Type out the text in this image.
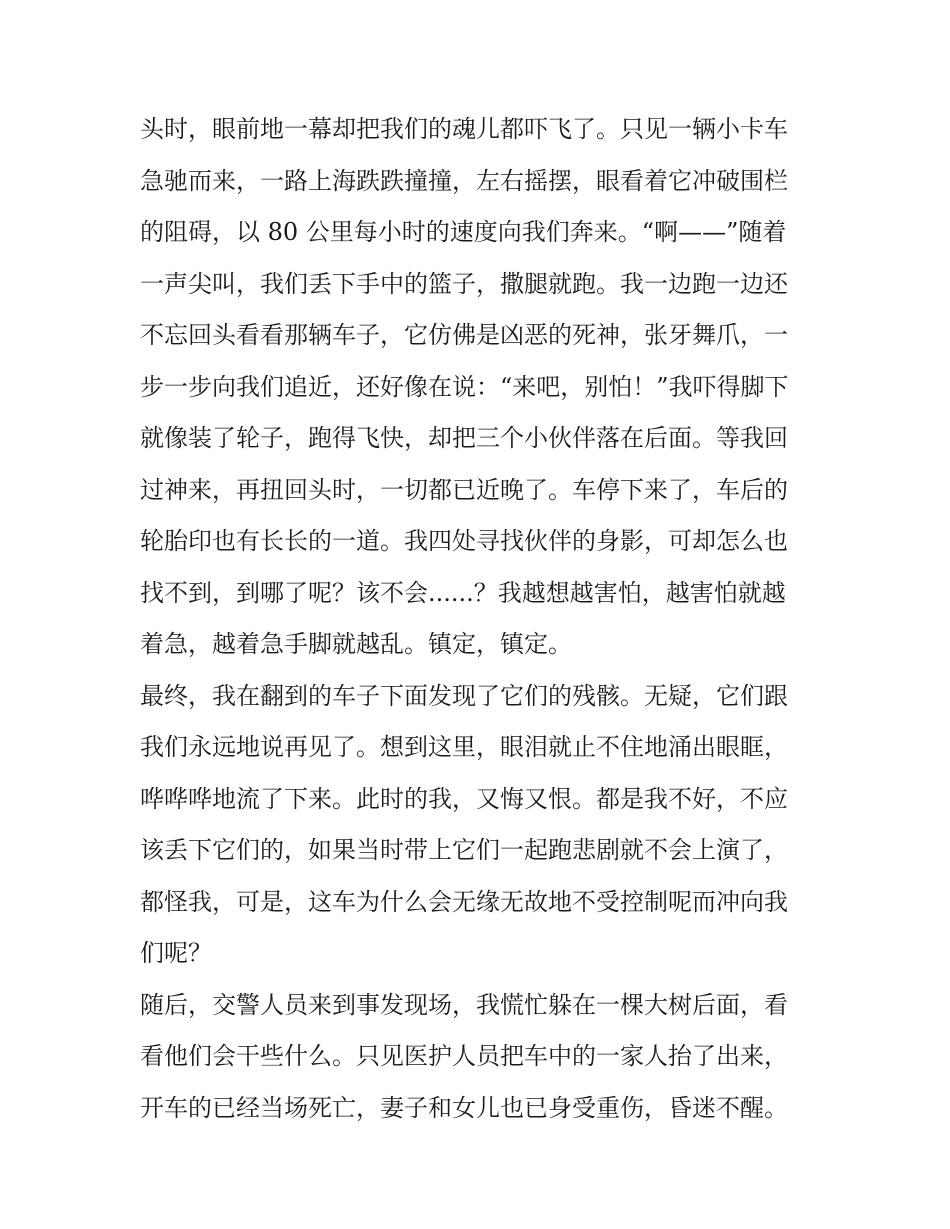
头时，眼前地一幕却把我们的魂儿都吓飞了。只见一辆小卡车
急驰而来，一路上海跌跌撞撞，左右摇摆，眼看着它冲破围栏
的阻碍，以 80 公里每小时的速度向我们奔来。“啊——”随着
一声尖叫，我们丢下手中的篮子，撒腿就跑。我一边跑一边还
不忘回头看看那辆车子，它仿佛是凶恶的死神，张牙舞爪，一
步一步向我们追近，还好像在说：“来吧，别怕！”我吓得脚下
就像装了轮子，跑得飞快，却把三个小伙伴落在后面。等我回
过神来，再扭回头时，一切都已近晚了。车停下来了，车后的
轮胎印也有长长的一道。我四处寻找伙伴的身影，可却怎么也
找不到，到哪了呢？该不会......？我越想越害怕，越害怕就越
着急，越着急手脚就越乱。镇定，镇定。
最终，我在翻到的车子下面发现了它们的残骸。无疑，它们跟
我们永远地说再见了。想到这里，眼泪就止不住地涌出眼眶，
哗哗哗地流了下来。此时的我，又悔又恨。都是我不好，不应
该丢下它们的，如果当时带上它们一起跑悲剧就不会上演了，
都怪我，可是，这车为什么会无缘无故地不受控制呢而冲向我
们呢？
随后，交警人员来到事发现场，我慌忙躲在一棵大树后面，看
看他们会干些什么。只见医护人员把车中的一家人抬了出来，
开车的已经当场死亡，妻子和女儿也已身受重伤，昏迷不醒。
